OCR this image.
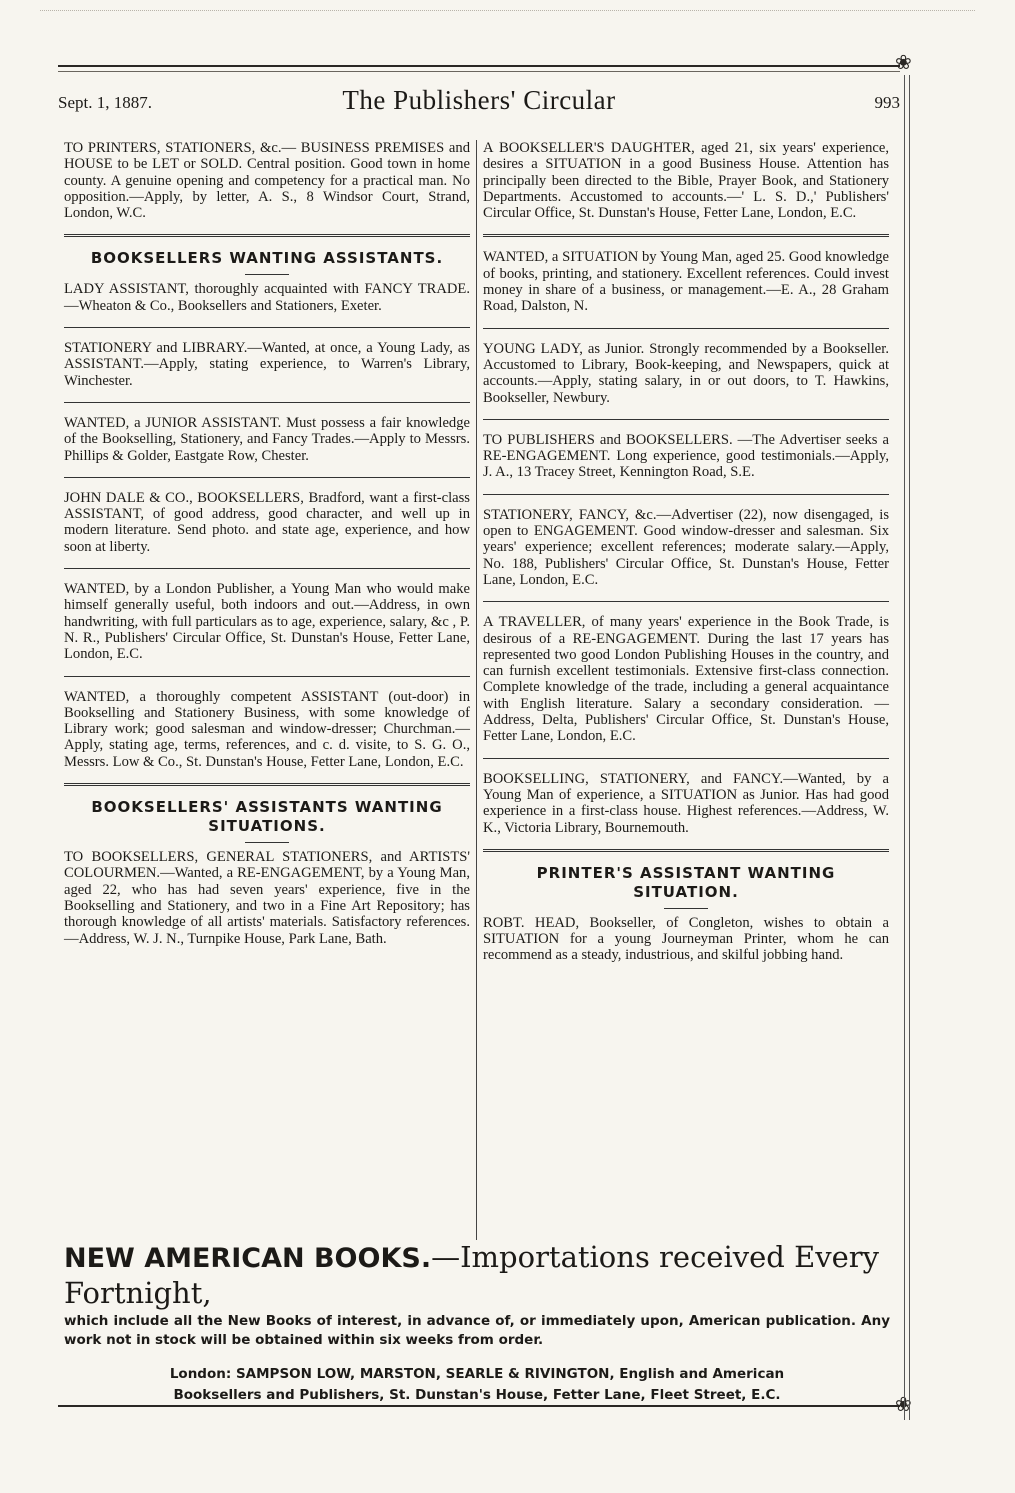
❀
❀
Sept. 1, 1887.	The Publishers' Circular	993

TO PRINTERS, STATIONERS, &c.— BUSINESS PREMISES and HOUSE to be LET or SOLD. Central position. Good town in home county. A genuine opening and competency for a practical man. No opposition.—Apply, by letter, A. S., 8 Windsor Court, Strand, London, W.C.

BOOKSELLERS WANTING ASSISTANTS.

LADY ASSISTANT, thoroughly acquainted with FANCY TRADE.—Wheaton & Co., Booksellers and Stationers, Exeter.

STATIONERY and LIBRARY.—Wanted, at once, a Young Lady, as ASSISTANT.—Apply, stating experience, to Warren's Library, Winchester.

WANTED, a JUNIOR ASSISTANT. Must possess a fair knowledge of the Bookselling, Stationery, and Fancy Trades.—Apply to Messrs. Phillips & Golder, Eastgate Row, Chester.

JOHN DALE & CO., BOOKSELLERS, Bradford, want a first-class ASSISTANT, of good address, good character, and well up in modern literature. Send photo. and state age, experience, and how soon at liberty.

WANTED, by a London Publisher, a Young Man who would make himself generally useful, both indoors and out.—Address, in own handwriting, with full particulars as to age, experience, salary, &c , P. N. R., Publishers' Circular Office, St. Dunstan's House, Fetter Lane, London, E.C.

WANTED, a thoroughly competent ASSISTANT (out-door) in Bookselling and Stationery Business, with some knowledge of Library work; good salesman and window-dresser; Churchman.—Apply, stating age, terms, references, and c. d. visite, to S. G. O., Messrs. Low & Co., St. Dunstan's House, Fetter Lane, London, E.C.

BOOKSELLERS' ASSISTANTS WANTING SITUATIONS.

TO BOOKSELLERS, GENERAL STATIONERS, and ARTISTS' COLOURMEN.—Wanted, a RE-ENGAGEMENT, by a Young Man, aged 22, who has had seven years' experience, five in the Bookselling and Stationery, and two in a Fine Art Repository; has thorough knowledge of all artists' materials. Satisfactory references. —Address, W. J. N., Turnpike House, Park Lane, Bath.

A BOOKSELLER'S DAUGHTER, aged 21, six years' experience, desires a SITUATION in a good Business House. Attention has principally been directed to the Bible, Prayer Book, and Stationery Departments. Accustomed to accounts.—' L. S. D.,' Publishers' Circular Office, St. Dunstan's House, Fetter Lane, London, E.C.

WANTED, a SITUATION by Young Man, aged 25. Good knowledge of books, printing, and stationery. Excellent references. Could invest money in share of a business, or management.—E. A., 28 Graham Road, Dalston, N.

YOUNG LADY, as Junior. Strongly recommended by a Bookseller. Accustomed to Library, Book-keeping, and Newspapers, quick at accounts.—Apply, stating salary, in or out doors, to T. Hawkins, Bookseller, Newbury.

TO PUBLISHERS and BOOKSELLERS. —The Advertiser seeks a RE-ENGAGEMENT. Long experience, good testimonials.—Apply, J. A., 13 Tracey Street, Kennington Road, S.E.

STATIONERY, FANCY, &c.—Advertiser (22), now disengaged, is open to ENGAGEMENT. Good window-dresser and salesman. Six years' experience; excellent references; moderate salary.—Apply, No. 188, Publishers' Circular Office, St. Dunstan's House, Fetter Lane, London, E.C.

A TRAVELLER, of many years' experience in the Book Trade, is desirous of a RE-ENGAGEMENT. During the last 17 years has represented two good London Publishing Houses in the country, and can furnish excellent testimonials. Extensive first-class connection. Complete knowledge of the trade, including a general acquaintance with English literature. Salary a secondary consideration. — Address, Delta, Publishers' Circular Office, St. Dunstan's House, Fetter Lane, London, E.C.

BOOKSELLING, STATIONERY, and FANCY.—Wanted, by a Young Man of experience, a SITUATION as Junior. Has had good experience in a first-class house. Highest references.—Address, W. K., Victoria Library, Bournemouth.

PRINTER'S ASSISTANT WANTING SITUATION.

ROBT. HEAD, Bookseller, of Congleton, wishes to obtain a SITUATION for a young Journeyman Printer, whom he can recommend as a steady, industrious, and skilful jobbing hand.

NEW AMERICAN BOOKS.—Importations received Every Fortnight,

which include all the New Books of interest, in advance of, or immediately upon, American publication. Any work not in stock will be obtained within six weeks from order.

London: SAMPSON LOW, MARSTON, SEARLE & RIVINGTON, English and American
Booksellers and Publishers, St. Dunstan's House, Fetter Lane, Fleet Street, E.C.
